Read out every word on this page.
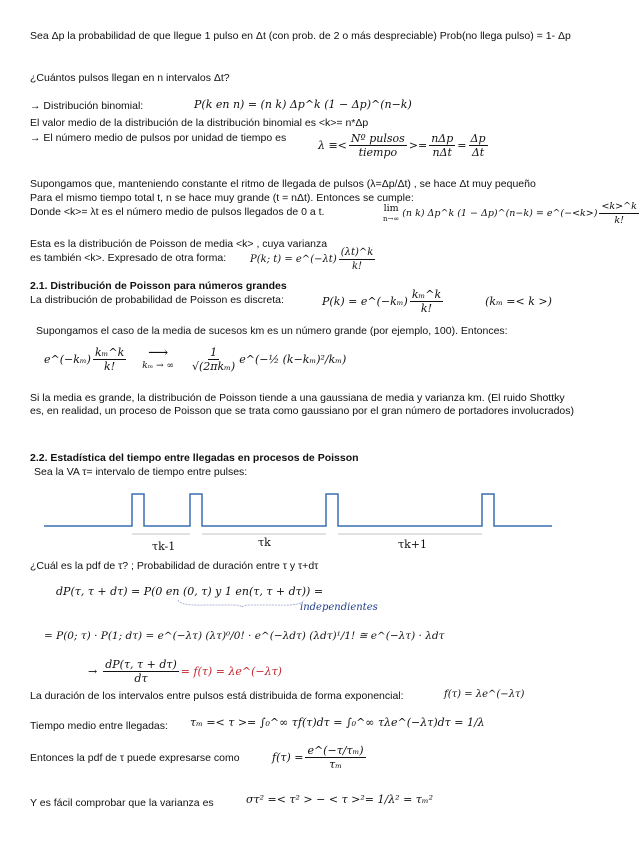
Sea Δp la probabilidad de que llegue 1 pulso en Δt (con prob. de 2 o más despreciable) Prob(no llega pulso) = 1- Δp
¿Cuántos pulsos llegan en n intervalos Δt?
→ Distribución binomial:	P(k en n) = (n k) Δp^k (1 − Δp)^(n−k)
El valor medio de la distribución de la distribución binomial es <k>= n*Δp
→ El número medio de pulsos por unidad de tiempo es
$\lambda \equiv< \frac{\text{Nº pulsos}}{\text{tiempo}} >= \frac{\text{nΔp}}{\text{nΔt}} = \frac{\Delta p}{\Delta t}$
Supongamos que, manteniendo constante el ritmo de llegada de pulsos (λ=Δp/Δt) , se hace Δt muy pequeño
Para el mismo tiempo total t, n se hace muy grande (t = nΔt). Entonces se cumple:
Donde <k>= λt es el número medio de pulsos llegados de 0 a t.	lim
n→∞ (n k) Δp^k (1 − Δp)^(n−k) = e^(−<k>) $\frac{<k>\^{}k}{k!}$
Esta es la distribución de Poisson de media <k> , cuya varianza
es también <k>. Expresado de otra forma: P(k; t) = e^(−λt) $\frac{(\lambda t)\^{}k}{k!}$
2.1. Distribución de Poisson para números grandes
La distribución de probabilidad de Poisson es discreta:	P(k) = e^(−kₘ) $\frac{\text{kₘ\textasciicircum{}k}}{k!}$	(kₘ =< k >)
Supongamos el caso de la media de sucesos km es un número grande (por ejemplo, 100). Entonces:
e^(−kₘ) $\frac{\text{kₘ\textasciicircum{}k}}{k!}$ ⟶
kₘ → ∞ $\frac{1}{\text{√(2πkₘ)}}$ e^(−½ (k−kₘ)²/kₘ)
Si la media es grande, la distribución de Poisson tiende a una gaussiana de media y varianza km. (El ruido Shottky es, en realidad, un proceso de Poisson que se trata como gaussiano por el gran número de portadores involucrados)
2.2. Estadística del tiempo entre llegadas en procesos de Poisson
Sea la VA τ= intervalo de tiempo entre pulses:
τk-1	τk	τk+1
¿Cuál es la pdf de τ? ; Probabilidad de duración entre τ y τ+dτ
dP(τ, τ + dτ) = P(0 en (0, τ) y 1 en(τ, τ + dτ)) =
independientes
= P(0; τ) · P(1; dτ) = e^(−λτ) (λτ)⁰/0! · e^(−λdτ) (λdτ)¹/1! ≅ e^(−λτ) · λdτ
→ $\frac{dP(\tau, \tau + d\tau)}{d\tau} = f(\tau)$ = λe^(−λτ)
La duración de los intervalos entre pulsos está distribuida de forma exponencial:	f(τ) = λe^(−λτ)
Tiempo medio entre llegadas: τₘ =< τ >= ∫₀^∞ τf(τ)dτ = ∫₀^∞ τλe^(−λτ)dτ = 1/λ
Entonces la pdf de τ puede expresarse como	$f(\tau) = \frac{\text{e\textasciicircum{}(−τ/τₘ)}}{\text{τₘ}}$
Y es fácil comprobar que la varianza es	στ² =< τ² > − < τ >²= 1/λ² = τₘ²
